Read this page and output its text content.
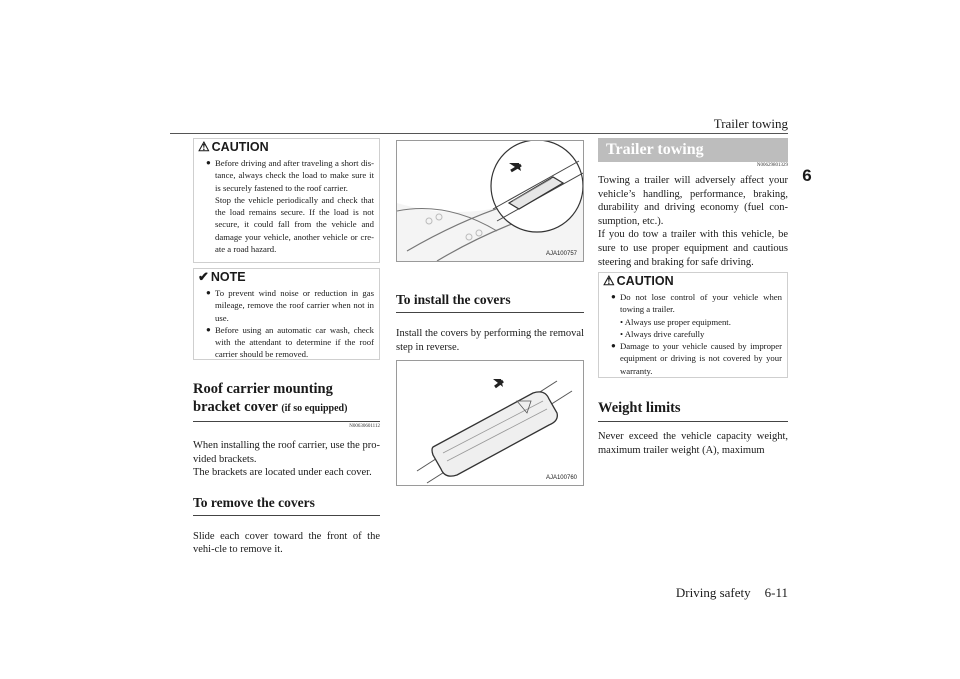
Trailer towing
6
⚠ CAUTION
● Before driving and after traveling a short dis-tance, always check the load to make sure it is securely fastened to the roof carrier.
Stop the vehicle periodically and check that the load remains secure. If the load is not secure, it could fall from the vehicle and damage your vehicle, another vehicle or cre-ate a road hazard.
✔ NOTE
● To prevent wind noise or reduction in gas mileage, remove the roof carrier when not in use.
● Before using an automatic car wash, check with the attendant to determine if the roof carrier should be removed.
Roof carrier mounting bracket cover (if so equipped)
N00630601112
When installing the roof carrier, use the pro-vided brackets.
The brackets are located under each cover.
To remove the covers
Slide each cover toward the front of the vehi-cle to remove it.
AJA100757
To install the covers
Install the covers by performing the removal step in reverse.
AJA100760
Trailer towing
N00629801329
Towing a trailer will adversely affect your vehicle’s handling, performance, braking, durability and driving economy (fuel con-sumption, etc.).
If you do tow a trailer with this vehicle, be sure to use proper equipment and cautious steering and braking for safe driving.
⚠ CAUTION
● Do not lose control of your vehicle when towing a trailer.
• Always use proper equipment.
• Always drive carefully
● Damage to your vehicle caused by improper equipment or driving is not covered by your warranty.
Weight limits
Never exceed the vehicle capacity weight, maximum trailer weight (A), maximum
Driving safety 6-11
